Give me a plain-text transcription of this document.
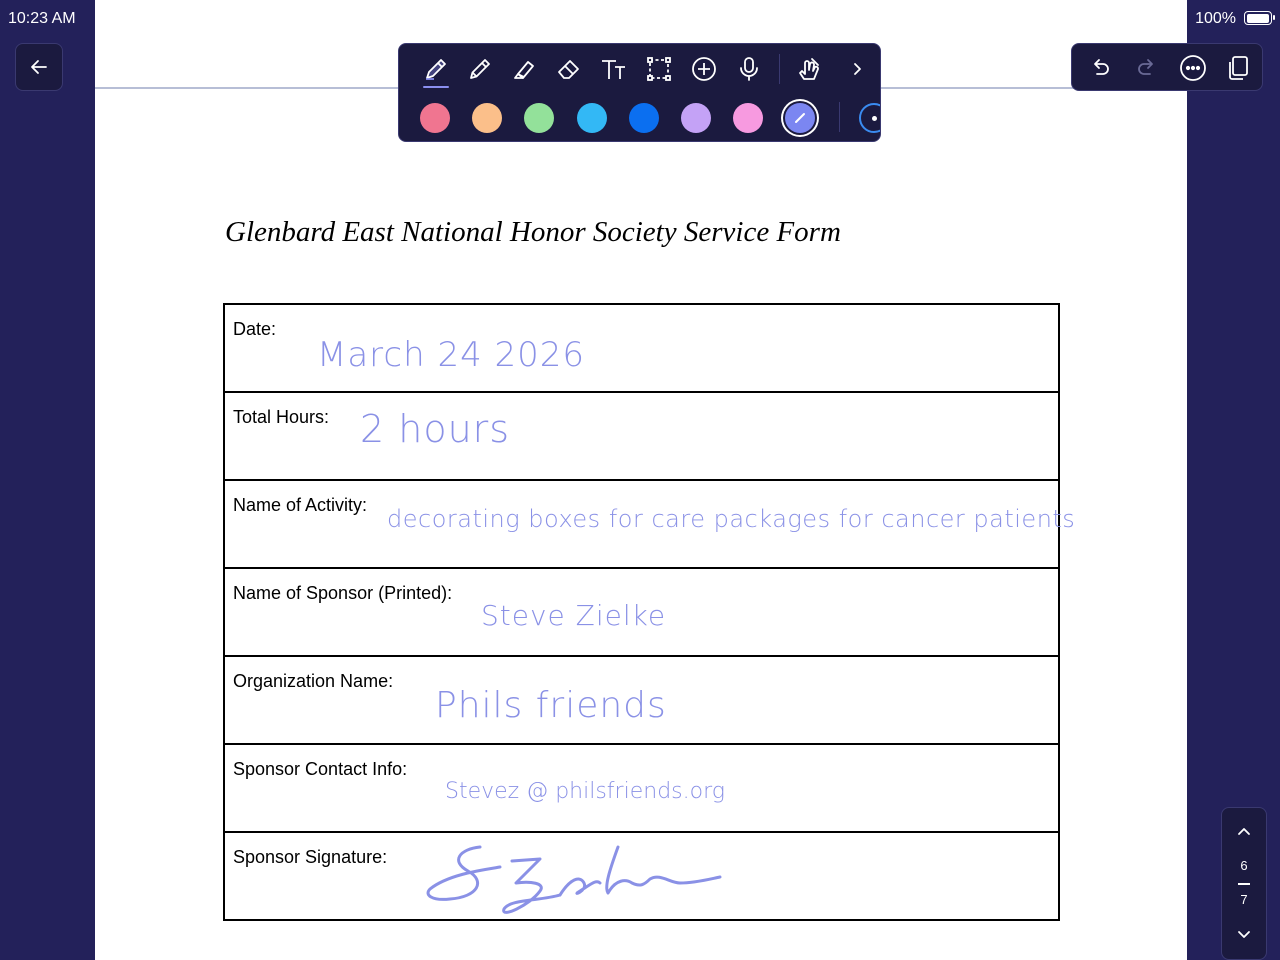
10:23 AM	100%
Glenbard East National Honor Society Service Form
Date:
March 24 2026
Total Hours: 2 hours
Name of Activity: decorating boxes for care packages for cancer patients
Name of Sponsor (Printed):
Steve Zielke
Organization Name:
Phils friends
Sponsor Contact Info:
Stevez @ philsfriends.org
Sponsor Signature:	6
7
